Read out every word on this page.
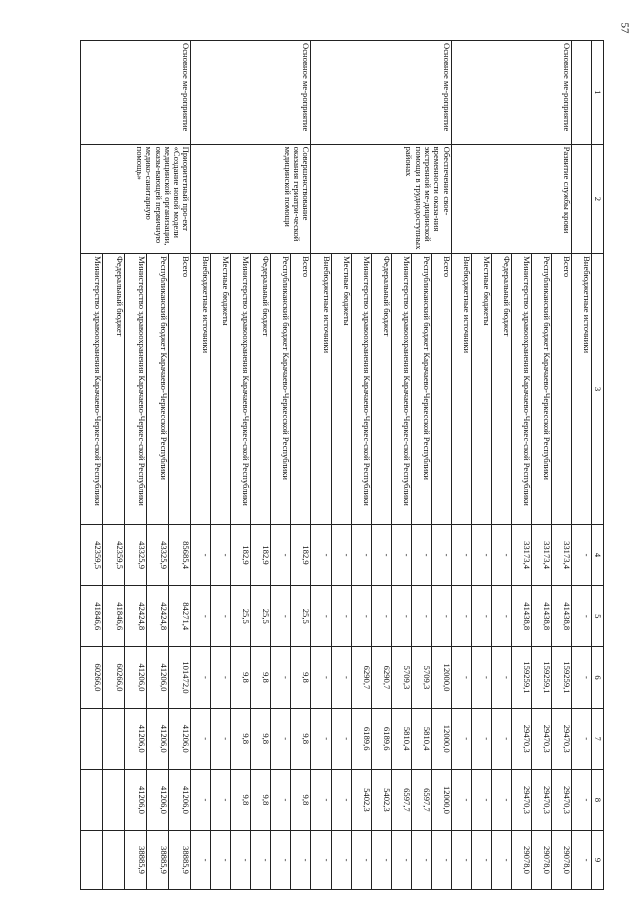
57
1	2	3	4	5	6	7	8	9
		Внебюджетные источники	-	-	-	-	-	-
Основное ме-роприятие	Развитие службы крови	Всего	33173,4	41438,8	159259,1	29470,3	29470,3	29078,0
		Республиканский бюджет Карачаево-Черкесской Республики	33173,4	41438,8	159259,1	29470,3	29470,3	29078,0
		Министерство здравоохранения Карачаево-Черкес-ской Республики	33173,4	41438,8	159259,1	29470,3	29470,3	29078,0
		Федеральный бюджет	-	-	-	-	-	-
		Местные бюджеты	-	-	-	-	-	-
		Внебюджетные источники	-	-	-	-	-	-
Основное ме-роприятие	Обеспечение свое-временности оказа-ния экстренной ме-дицинской помощи в труднодоступных районах	Всего	-	-	12000,0	12000,0	12000,0	-
		Республиканский бюджет Карачаево-Черкесской Республики	-	-	5709,3	5810,4	6597,7	-
		Министерство здравоохранения Карачаево-Черкес-ской Республики	-	-	5709,3	5810,4	6597,7	-
		Федеральный бюджет	-	-	6290,7	6189,6	5402,3	-
		Министерство здравоохранения Карачаево-Черкес-ской Республики	-	-	6290,7	6189,6	5402,3	-
		Местные бюджеты	-	-	-	-	-	-
		Внебюджетные источники	-	-	-	-	-	-
Основное ме-роприятие	Совершенствование оказания гериатри-ческой медицинской помощи	Всего	182,9	25,5	9,8	9,8	9,8	-
		Республиканский бюджет Карачаево-Черкесской Республики	-	-	-	-	-	-
		Федеральный бюджет	182,9	25,5	9,8	9,8	9,8	-
		Министерство здравоохранения Карачаево-Черкес-ской Республики	182,9	25,5	9,8	9,8	9,8	-
		Местные бюджеты	-	-	-	-	-	-
		Внебюджетные источники	-	-	-	-	-	-
Основное ме-роприятие	Приоритетный про-ект «Создание новой модели медицинской организации, оказы-вающей первичную медико-санитарную помощь»	Всего	85685,4	84271,4	101472,0	41206,0	41206,0	38885,9
		Республиканский бюджет Карачаево-Черкесской Республики	43325,9	42424,8	41206,0	41206,0	41206,0	38885,9
		Министерство здравоохранения Карачаево-Черкес-ской Республики	43325,9	42424,8	41206,0	41206,0	41206,0	38885,9
		Федеральный бюджет	42359,5	41846,6	60266,0			
		Министерство здравоохранения Карачаево-Черкес-ской Республики	42359,5	41846,6	60266,0			
